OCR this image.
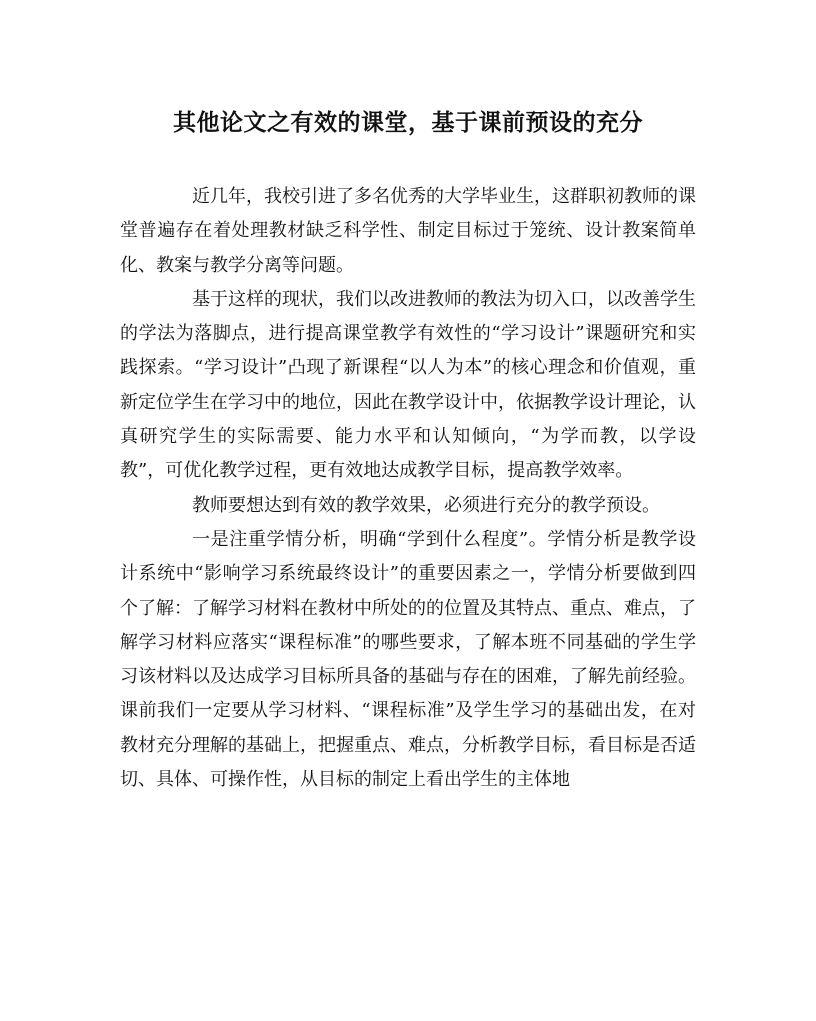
其他论文之有效的课堂，基于课前预设的充分

近几年，我校引进了多名优秀的大学毕业生，这群职初教师的课堂普遍存在着处理教材缺乏科学性、制定目标过于笼统、设计教案简单化、教案与教学分离等问题。

基于这样的现状，我们以改进教师的教法为切入口，以改善学生的学法为落脚点，进行提高课堂教学有效性的“学习设计”课题研究和实践探索。“学习设计”凸现了新课程“以人为本”的核心理念和价值观，重新定位学生在学习中的地位，因此在教学设计中，依据教学设计理论，认真研究学生的实际需要、能力水平和认知倾向，“为学而教，以学设教”，可优化教学过程，更有效地达成教学目标，提高教学效率。

教师要想达到有效的教学效果，必须进行充分的教学预设。

一是注重学情分析，明确“学到什么程度”。学情分析是教学设计系统中“影响学习系统最终设计”的重要因素之一，学情分析要做到四个了解：了解学习材料在教材中所处的的位置及其特点、重点、难点，了解学习材料应落实“课程标准”的哪些要求，了解本班不同基础的学生学习该材料以及达成学习目标所具备的基础与存在的困难，了解先前经验。课前我们一定要从学习材料、“课程标准”及学生学习的基础出发，在对教材充分理解的基础上，把握重点、难点，分析教学目标，看目标是否适切、具体、可操作性，从目标的制定上看出学生的主体地
